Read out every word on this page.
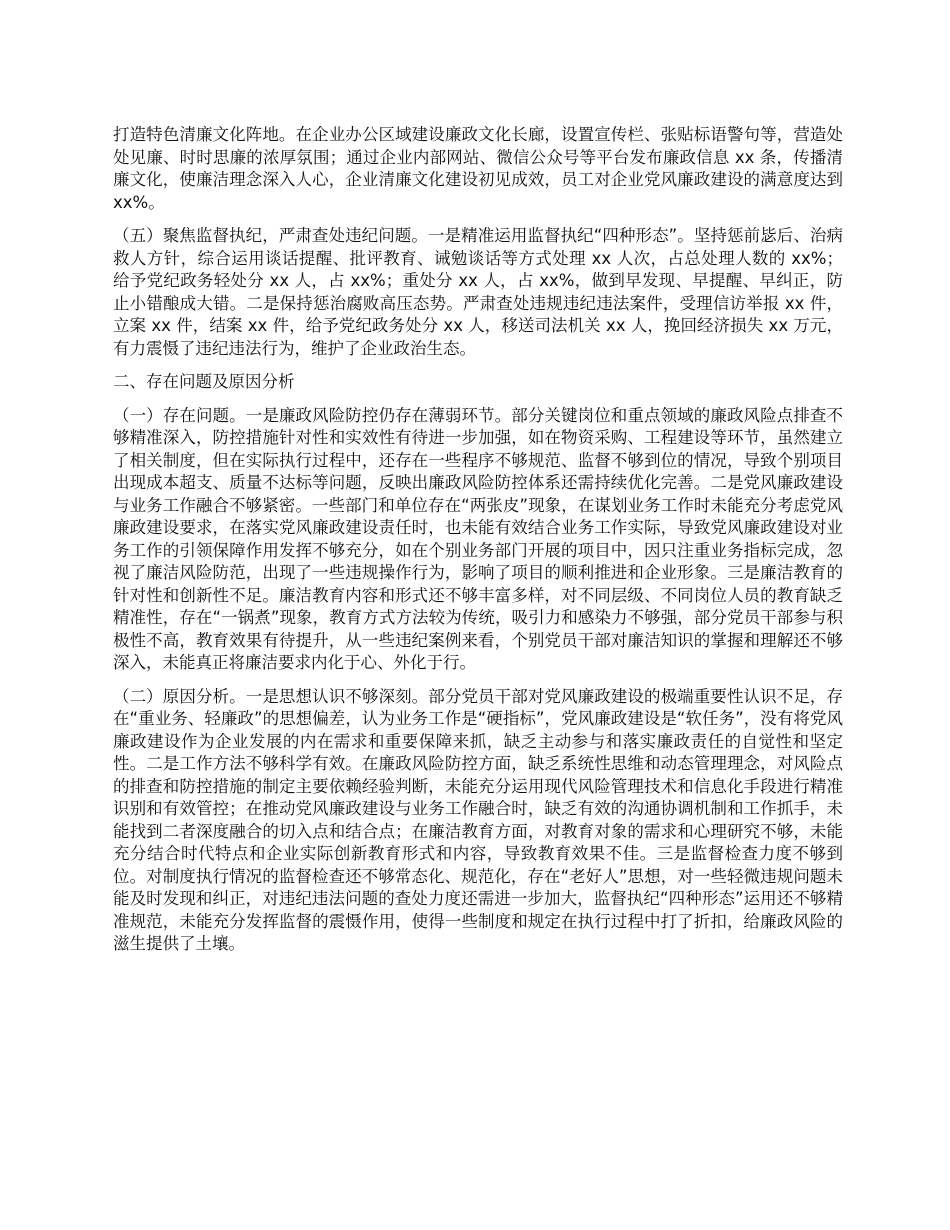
打造特色清廉文化阵地。在企业办公区域建设廉政文化长廊，设置宣传栏、张贴标语警句等，营造处处见廉、时时思廉的浓厚氛围；通过企业内部网站、微信公众号等平台发布廉政信息 xx 条，传播清廉文化，使廉洁理念深入人心，企业清廉文化建设初见成效，员工对企业党风廉政建设的满意度达到 xx%。

（五）聚焦监督执纪，严肃查处违纪问题。一是精准运用监督执纪“四种形态”。坚持惩前毖后、治病救人方针，综合运用谈话提醒、批评教育、诫勉谈话等方式处理 xx 人次，占总处理人数的 xx%；给予党纪政务轻处分 xx 人，占 xx%；重处分 xx 人，占 xx%，做到早发现、早提醒、早纠正，防止小错酿成大错。二是保持惩治腐败高压态势。严肃查处违规违纪违法案件，受理信访举报 xx 件，立案 xx 件，结案 xx 件，给予党纪政务处分 xx 人，移送司法机关 xx 人，挽回经济损失 xx 万元，有力震慑了违纪违法行为，维护了企业政治生态。

二、存在问题及原因分析

（一）存在问题。一是廉政风险防控仍存在薄弱环节。部分关键岗位和重点领域的廉政风险点排查不够精准深入，防控措施针对性和实效性有待进一步加强，如在物资采购、工程建设等环节，虽然建立了相关制度，但在实际执行过程中，还存在一些程序不够规范、监督不够到位的情况，导致个别项目出现成本超支、质量不达标等问题，反映出廉政风险防控体系还需持续优化完善。二是党风廉政建设与业务工作融合不够紧密。一些部门和单位存在“两张皮”现象，在谋划业务工作时未能充分考虑党风廉政建设要求，在落实党风廉政建设责任时，也未能有效结合业务工作实际，导致党风廉政建设对业务工作的引领保障作用发挥不够充分，如在个别业务部门开展的项目中，因只注重业务指标完成，忽视了廉洁风险防范，出现了一些违规操作行为，影响了项目的顺利推进和企业形象。三是廉洁教育的针对性和创新性不足。廉洁教育内容和形式还不够丰富多样，对不同层级、不同岗位人员的教育缺乏精准性，存在“一锅煮”现象，教育方式方法较为传统，吸引力和感染力不够强，部分党员干部参与积极性不高，教育效果有待提升，从一些违纪案例来看，个别党员干部对廉洁知识的掌握和理解还不够深入，未能真正将廉洁要求内化于心、外化于行。

（二）原因分析。一是思想认识不够深刻。部分党员干部对党风廉政建设的极端重要性认识不足，存在“重业务、轻廉政”的思想偏差，认为业务工作是“硬指标”，党风廉政建设是“软任务”，没有将党风廉政建设作为企业发展的内在需求和重要保障来抓，缺乏主动参与和落实廉政责任的自觉性和坚定性。二是工作方法不够科学有效。在廉政风险防控方面，缺乏系统性思维和动态管理理念，对风险点的排查和防控措施的制定主要依赖经验判断，未能充分运用现代风险管理技术和信息化手段进行精准识别和有效管控；在推动党风廉政建设与业务工作融合时，缺乏有效的沟通协调机制和工作抓手，未能找到二者深度融合的切入点和结合点；在廉洁教育方面，对教育对象的需求和心理研究不够，未能充分结合时代特点和企业实际创新教育形式和内容，导致教育效果不佳。三是监督检查力度不够到位。对制度执行情况的监督检查还不够常态化、规范化，存在“老好人”思想，对一些轻微违规问题未能及时发现和纠正，对违纪违法问题的查处力度还需进一步加大，监督执纪“四种形态”运用还不够精准规范，未能充分发挥监督的震慑作用，使得一些制度和规定在执行过程中打了折扣，给廉政风险的滋生提供了土壤。
